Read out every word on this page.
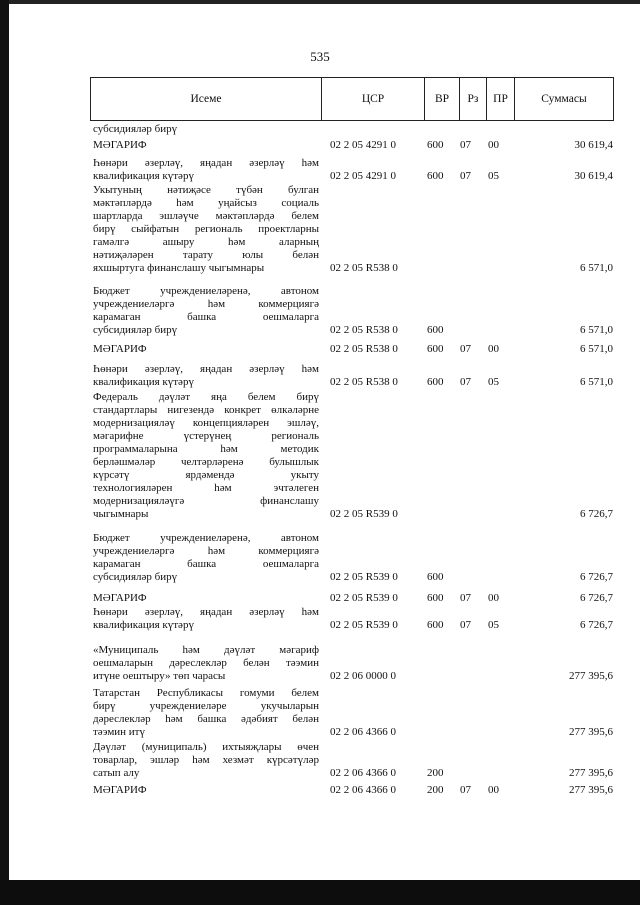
535
Исеме	ЦСР	ВР	Рз	ПР	Суммасы
субсидияләр бирү
МӘГАРИФ	02 2 05 4291 0	600	07	00	30 619,4
Һөнәри әзерләү, яңадан әзерләү һәм
квалификация күтәрү	02 2 05 4291 0	600	07	05	30 619,4
Укытуның нәтиҗәсе түбән булган
мәктәпләрдә һәм уңайсыз социаль
шартларда эшләүче мәктәпләрдә белем
бирү сыйфатын региональ проектларны
гамәлгә ашыру һәм аларның
нәтиҗәләрен тарату юлы белән
яхшыртуга финанслашу чыгымнары	02 2 05 R538 0	6 571,0
Бюджет учреждениеләренә, автоном
учреждениеләргә һәм коммерциягә
карамаган башка оешмаларга
субсидияләр бирү	02 2 05 R538 0	600	6 571,0
МӘГАРИФ	02 2 05 R538 0	600	07	00	6 571,0
Һөнәри әзерләү, яңадан әзерләү һәм
квалификация күтәрү	02 2 05 R538 0	600	07	05	6 571,0
Федераль дәүләт яңа белем бирү
стандартлары нигезендә конкрет өлкәләрне
модернизацияләү концепцияләрен эшләү,
мәгарифне үстерүнең региональ
программаларына һәм методик
берләшмәләр челтәрләренә булышлык
күрсәтү ярдәмендә укыту
технологияләрен һәм эчтәлеген
модернизацияләүгә финанслашу
чыгымнары	02 2 05 R539 0	6 726,7
Бюджет учреждениеләренә, автоном
учреждениеләргә һәм коммерциягә
карамаган башка оешмаларга
субсидияләр бирү	02 2 05 R539 0	600	6 726,7
МӘГАРИФ	02 2 05 R539 0	600	07	00	6 726,7
Һөнәри әзерләү, яңадан әзерләү һәм
квалификация күтәрү	02 2 05 R539 0	600	07	05	6 726,7
«Муниципаль һәм дәүләт мәгариф
оешмаларын дәреслекләр белән тәэмин
итүне оештыру» төп чарасы	02 2 06 0000 0	277 395,6
Татарстан Республикасы гомуми белем
бирү учреждениеләре укучыларын
дәреслекләр һәм башка әдәбият белән
тәэмин итү	02 2 06 4366 0	277 395,6
Дәүләт (муниципаль) ихтыяҗлары өчен
товарлар, эшләр һәм хезмәт күрсәтүләр
сатып алу	02 2 06 4366 0	200	277 395,6
МӘГАРИФ	02 2 06 4366 0	200	07	00	277 395,6
